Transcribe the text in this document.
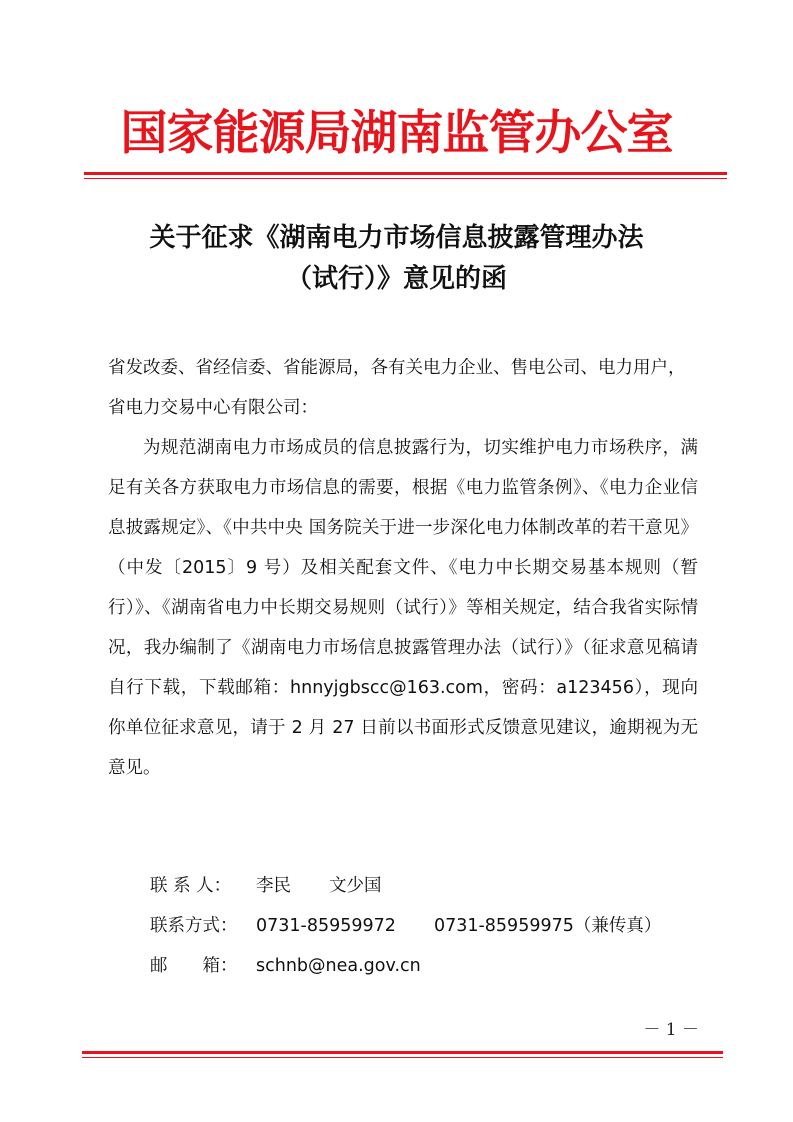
国家能源局湖南监管办公室
关于征求《湖南电力市场信息披露管理办法
（试行）》意见的函
省发改委、省经信委、省能源局，各有关电力企业、售电公司、电力用户，省电力交易中心有限公司：
为规范湖南电力市场成员的信息披露行为，切实维护电力市场秩序，满足有关各方获取电力市场信息的需要，根据《电力监管条例》、《电力企业信息披露规定》、《中共中央 国务院关于进一步深化电力体制改革的若干意见》（中发〔2015〕9 号）及相关配套文件、《电力中长期交易基本规则（暂行）》、《湖南省电力中长期交易规则（试行）》等相关规定，结合我省实际情况，我办编制了《湖南电力市场信息披露管理办法（试行）》（征求意见稿请自行下载，下载邮箱：hnnyjgbscc@163.com，密码：a123456），现向你单位征求意见，请于 2 月 27 日前以书面形式反馈意见建议，逾期视为无意见。
联 系 人： 李民 文少国
联系方式： 0731-85959972 0731-85959975（兼传真）
邮　　箱： schnb@nea.gov.cn
－ 1 －
